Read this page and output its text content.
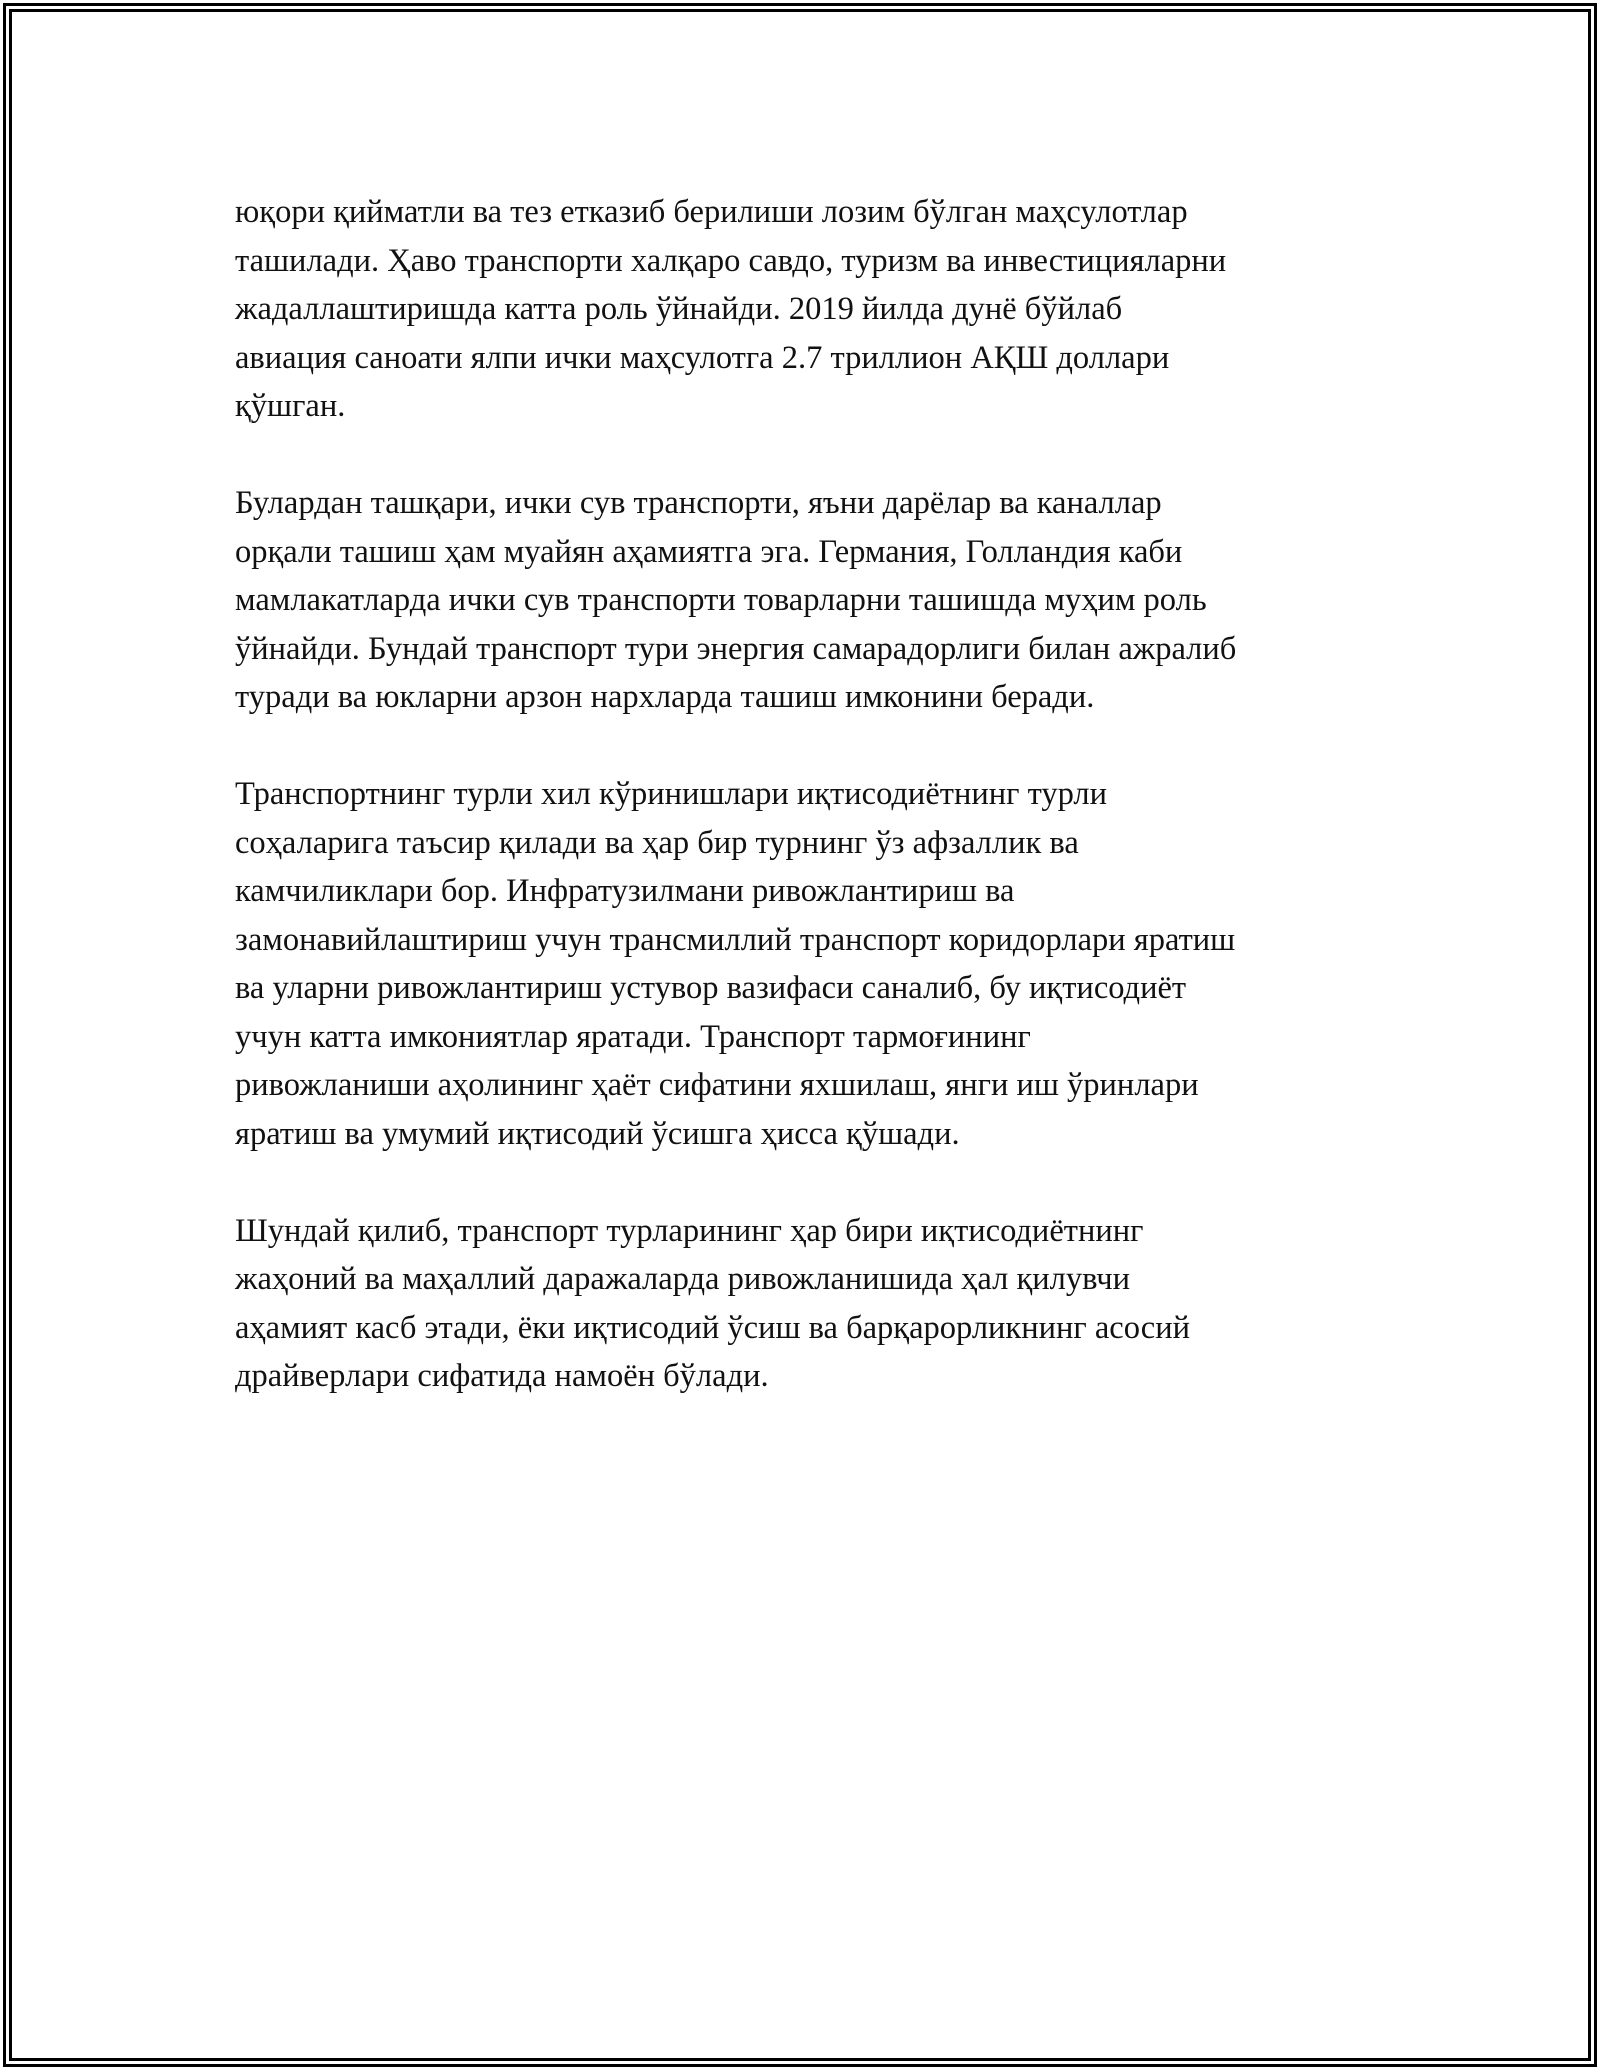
юқори қийматли ва тез етказиб берилиши лозим бўлган маҳсулотлар
ташилади. Ҳаво транспорти халқаро савдо, туризм ва инвестицияларни
жадаллаштиришда катта роль ўйнайди. 2019 йилда дунё бўйлаб
авиация саноати ялпи ички маҳсулотга 2.7 триллион АҚШ доллари
қўшган.

Булардан ташқари, ички сув транспорти, яъни дарёлар ва каналлар
орқали ташиш ҳам муайян аҳамиятга эга. Германия, Голландия каби
мамлакатларда ички сув транспорти товарларни ташишда муҳим роль
ўйнайди. Бундай транспорт тури энергия самарадорлиги билан ажралиб
туради ва юкларни арзон нархларда ташиш имконини беради.

Транспортнинг турли хил кўринишлари иқтисодиётнинг турли
соҳаларига таъсир қилади ва ҳар бир турнинг ўз афзаллик ва
камчиликлари бор. Инфратузилмани ривожлантириш ва
замонавийлаштириш учун трансмиллий транспорт коридорлари яратиш
ва уларни ривожлантириш устувор вазифаси саналиб, бу иқтисодиёт
учун катта имкониятлар яратади. Транспорт тармоғининг
ривожланиши аҳолининг ҳаёт сифатини яхшилаш, янги иш ўринлари
яратиш ва умумий иқтисодий ўсишга ҳисса қўшади.

Шундай қилиб, транспорт турларининг ҳар бири иқтисодиётнинг
жаҳоний ва маҳаллий даражаларда ривожланишида ҳал қилувчи
аҳамият касб этади, ёки иқтисодий ўсиш ва барқарорликнинг асосий
драйверлари сифатида намоён бўлади.
